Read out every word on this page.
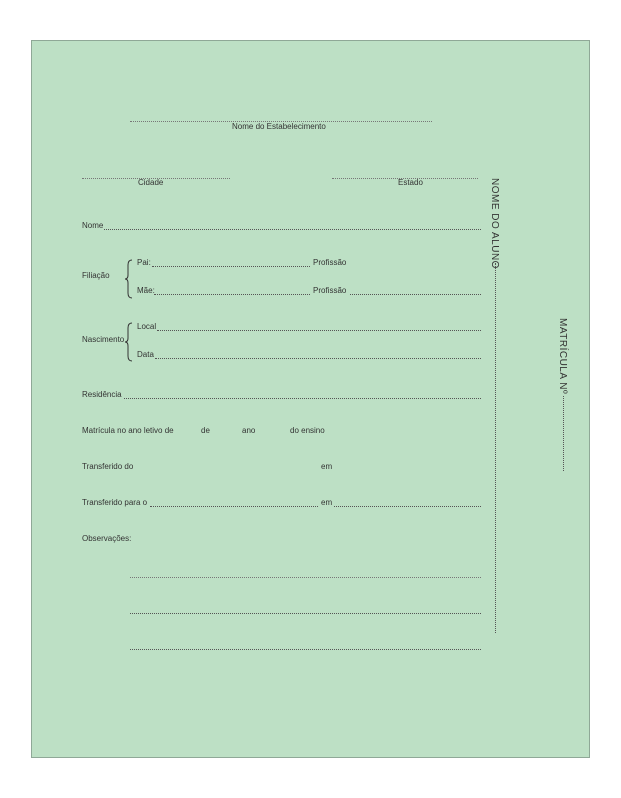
Nome do Estabelecimento
Cidade	Estado
Nome
Filiação
Pai:	Profissão
Mãe:	Profissão
Nascimento
Local
Data
Residência
Matrícula no ano letivo de	de	ano	do ensino
Transferido do	em
Transferido para o	em
Observações:
NOME DO ALUNO
MATRÍCULA Nº
